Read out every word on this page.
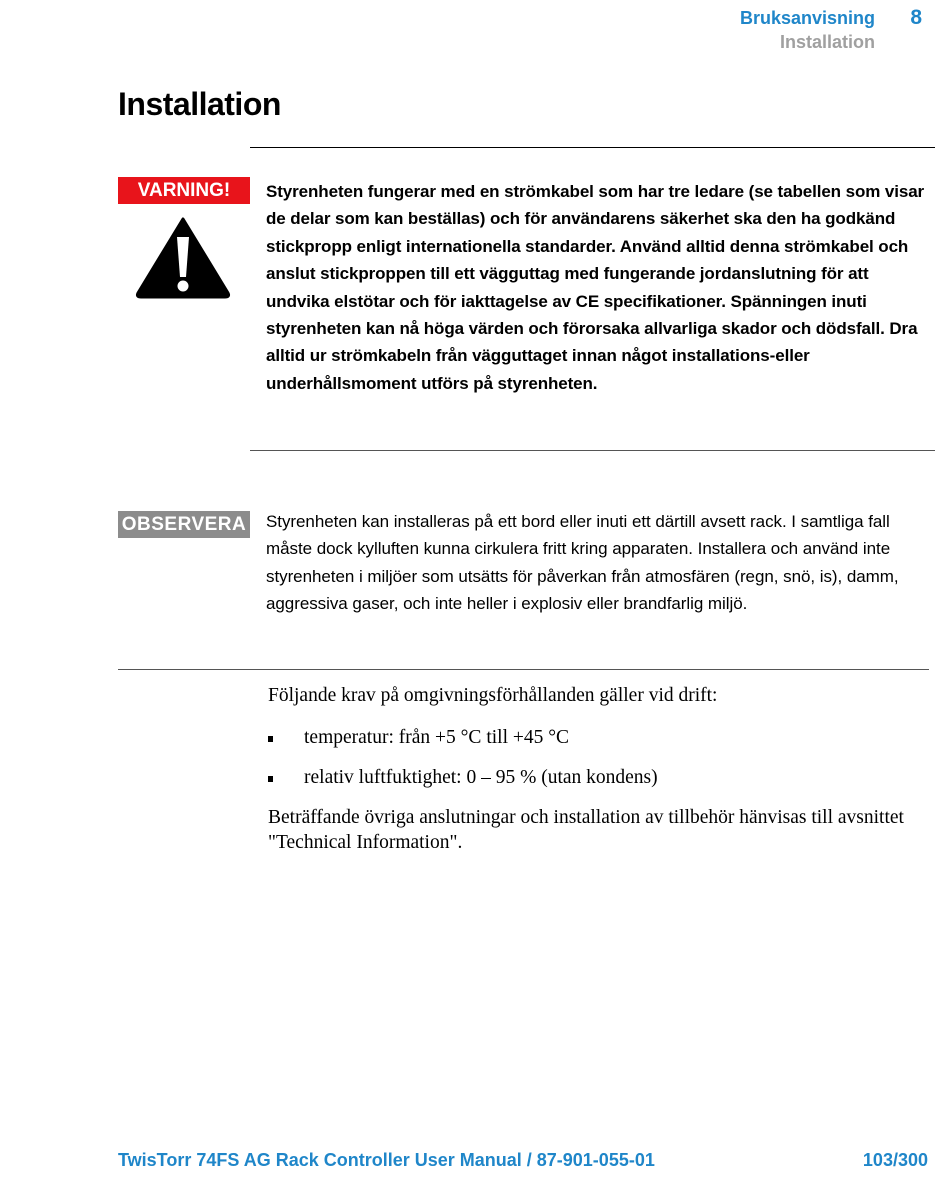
Bruksanvisning 8
Installation
Installation
VARNING!	Styrenheten fungerar med en strömkabel som har tre ledare (se tabellen som visar de delar som kan beställas) och för användarens säkerhet ska den ha godkänd stickpropp enligt internationella standarder. Använd alltid denna strömkabel och anslut stickproppen till ett vägguttag med fungerande jordanslutning för att undvika elstötar och för iakttagelse av CE specifikationer. Spänningen inuti styrenheten kan nå höga värden och förorsaka allvarliga skador och dödsfall. Dra alltid ur strömkabeln från vägguttaget innan något installations-eller underhållsmoment utförs på styrenheten.

OBSERVERA Styrenheten kan installeras på ett bord eller inuti ett därtill avsett rack. I samtliga fall måste dock kylluften kunna cirkulera fritt kring apparaten. Installera och använd inte styrenheten i miljöer som utsätts för påverkan från atmosfären (regn, snö, is), damm, aggressiva gaser, och inte heller i explosiv eller brandfarlig miljö.

Följande krav på omgivningsförhållanden gäller vid drift:

temperatur: från +5 °C till +45 °C
relativ luftfuktighet: 0 – 95 % (utan kondens)

Beträffande övriga anslutningar och installation av tillbehör hänvisas till avsnittet "Technical Information".

TwisTorr 74FS AG Rack Controller User Manual / 87-901-055-01	103/300
